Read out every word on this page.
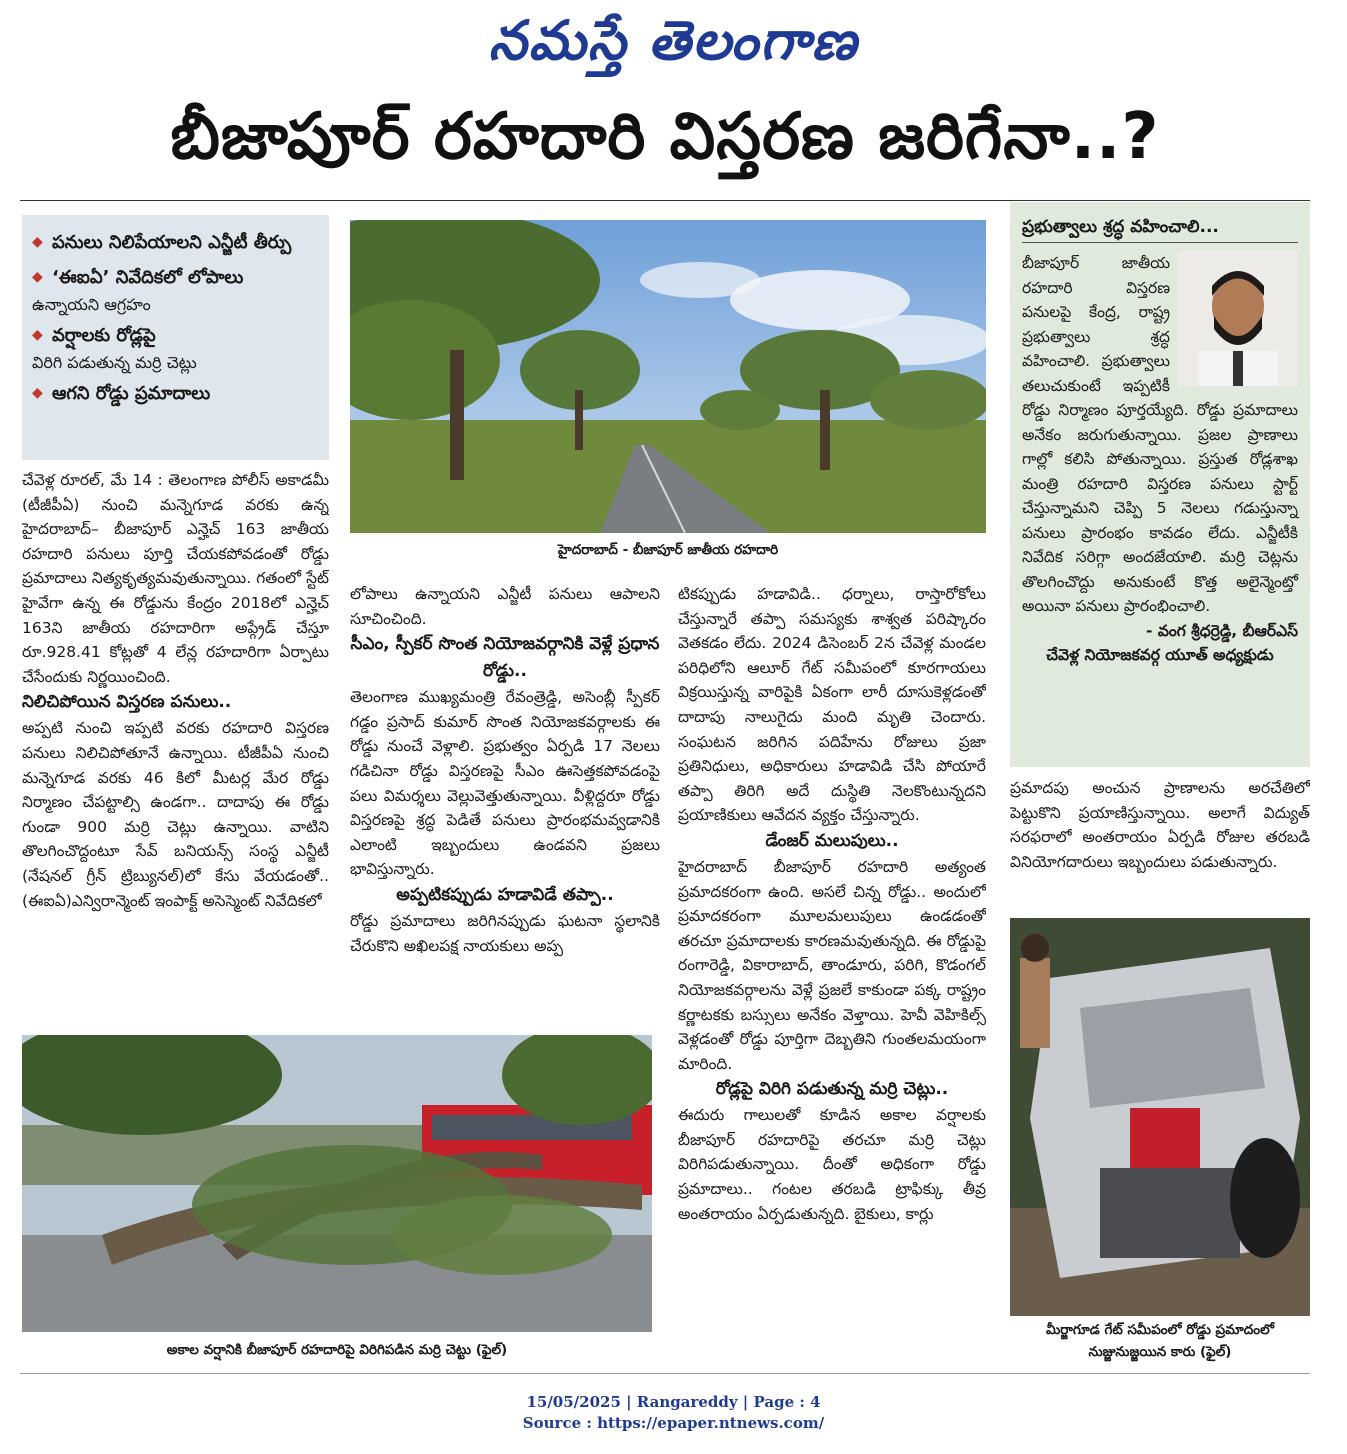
నమస్తే తెలంగాణ
బీజాపూర్ రహదారి విస్తరణ జరిగేనా..?
◆ పనులు నిలిపేయాలని ఎన్జీటీ తీర్పు
◆ ‘ఈఐఏ’ నివేదికలో లోపాలు
ఉన్నాయని ఆగ్రహం
◆ వర్షాలకు రోడ్లపై
విరిగి పడుతున్న మర్రి చెట్లు
◆ ఆగని రోడ్డు ప్రమాదాలు

చేవెళ్ల రూరల్, మే 14 : తెలంగాణ పోలీస్ అకాడమీ (టీజీపీఏ) నుంచి మన్నెగూడ వరకు ఉన్న హైదరాబాద్– బీజాపూర్ ఎన్హెచ్ 163 జాతీయ రహదారి పనులు పూర్తి చేయకపోవడంతో రోడ్డు ప్రమాదాలు నిత్యకృత్యమవుతున్నాయి. గతంలో స్టేట్ హైవేగా ఉన్న ఈ రోడ్డును కేంద్రం 2018లో ఎన్హెచ్ 163ని జాతీయ రహదారిగా అప్గ్రేడ్ చేస్తూ రూ.928.41 కోట్లతో 4 లేన్ల రహదారిగా ఏర్పాటు చేసేందుకు నిర్ణయించింది.

నిలిచిపోయిన విస్తరణ పనులు..

అప్పటి నుంచి ఇప్పటి వరకు రహదారి విస్తరణ పనులు నిలిచిపోతూనే ఉన్నాయి. టీజీపీఏ నుంచి మన్నెగూడ వరకు 46 కిలో మీటర్ల మేర రోడ్డు నిర్మాణం చేపట్టాల్సి ఉండగా.. దాదాపు ఈ రోడ్డు గుండా 900 మర్రి చెట్లు ఉన్నాయి. వాటిని తొలగించొద్దంటూ సేవ్ బనియన్స్ సంస్థ ఎన్జీటీ (నేషనల్ గ్రీన్ ట్రిబ్యునల్)లో కేసు వేయడంతో..(ఈఐఏ)ఎన్విరాన్మెంట్ ఇంపాక్ట్ అసెస్మెంట్ నివేదికలో

హైదరాబాద్ - బీజాపూర్ జాతీయ రహదారి

లోపాలు ఉన్నాయని ఎన్జీటీ పనులు ఆపాలని సూచించింది.

సీఎం, స్పీకర్ సొంత నియోజవర్గానికి వెళ్లే ప్రధాన రోడ్డు..

తెలంగాణ ముఖ్యమంత్రి రేవంత్రెడ్డి, అసెంబ్లీ స్పీకర్ గడ్డం ప్రసాద్ కుమార్ సొంత నియోజకవర్గాలకు ఈ రోడ్డు నుంచే వెళ్లాలి. ప్రభుత్వం ఏర్పడి 17 నెలలు గడిచినా రోడ్డు విస్తరణపై సీఎం ఊసెత్తకపోవడంపై పలు విమర్శలు వెల్లువెత్తుతున్నాయి. వీళ్లిద్దరూ రోడ్డు విస్తరణపై శ్రద్ధ పెడితే పనులు ప్రారంభమవ్వడానికి ఎలాంటి ఇబ్బందులు ఉండవని ప్రజలు భావిస్తున్నారు.

అప్పటికప్పుడు హడావిడే తప్పా..

రోడ్డు ప్రమాదాలు జరిగినప్పుడు ఘటనా స్థలానికి చేరుకొని అఖిలపక్ష నాయకులు అప్ప

టికప్పుడు హడావిడి.. ధర్నాలు, రాస్తారోకోలు చేస్తున్నారే తప్పా సమస్యకు శాశ్వత పరిష్కారం వెతకడం లేదు. 2024 డిసెంబర్ 2న చేవెళ్ల మండల పరిధిలోని ఆలూర్ గేట్ సమీపంలో కూరగాయలు విక్రయిస్తున్న వారిపైకి ఏకంగా లారీ దూసుకెళ్లడంతో దాదాపు నాలుగైదు మంది మృతి చెందారు. సంఘటన జరిగిన పదిహేను రోజులు ప్రజా ప్రతినిధులు, అధికారులు హడావిడి చేసి పోయారే తప్పా తిరిగి అదే దుస్థితి నెలకొంటున్నదని ప్రయాణికులు ఆవేదన వ్యక్తం చేస్తున్నారు.

డేంజర్ మలుపులు..

హైదరాబాద్ బీజాపూర్ రహదారి అత్యంత ప్రమాదకరంగా ఉంది. అసలే చిన్న రోడ్డు.. అందులో ప్రమాదకరంగా మూలమలుపులు ఉండడంతో తరచూ ప్రమాదాలకు కారణమవుతున్నది. ఈ రోడ్డుపై రంగారెడ్డి, వికారాబాద్, తాండూరు, పరిగి, కొడంగల్ నియోజకవర్గాలను వెళ్లే ప్రజలే కాకుండా పక్క రాష్ట్రం కర్ణాటకకు బస్సులు అనేకం వెళ్తాయి. హెవీ వెహికిల్స్ వెళ్లడంతో రోడ్డు పూర్తిగా దెబ్బతిని గుంతలమయంగా మారింది.

రోడ్లపై విరిగి పడుతున్న మర్రి చెట్లు..

ఈదురు గాలులతో కూడిన అకాల వర్షాలకు బీజాపూర్ రహదారిపై తరచూ మర్రి చెట్లు విరిగిపడుతున్నాయి. దీంతో అధికంగా రోడ్డు ప్రమాదాలు.. గంటల తరబడి ట్రాఫిక్కు తీవ్ర అంతరాయం ఏర్పడుతున్నది. బైకులు, కార్లు

ప్రభుత్వాలు శ్రద్ధ వహించాలి...
బీజాపూర్ జాతీయ రహదారి విస్తరణ పనులపై కేంద్ర, రాష్ట్ర ప్రభుత్వాలు శ్రద్ధ వహించాలి. ప్రభుత్వాలు తలుచుకుంటే ఇప్పటికీ రోడ్డు నిర్మాణం పూర్తయ్యేది. రోడ్డు ప్రమాదాలు అనేకం జరుగుతున్నాయి. ప్రజల ప్రాణాలు గాల్లో కలిసి పోతున్నాయి. ప్రస్తుత రోడ్లశాఖ మంత్రి రహదారి విస్తరణ పనులు స్టార్ట్ చేస్తున్నామని చెప్పి 5 నెలలు గడుస్తున్నా పనులు ప్రారంభం కావడం లేదు. ఎన్జీటీకి నివేదిక సరిగ్గా అందజేయాలి. మర్రి చెట్లను తొలగించొద్దు అనుకుంటే కొత్త అలైన్మెంట్తో అయినా పనులు ప్రారంభించాలి.
- వంగ శ్రీధర్రెడ్డి, బీఆర్ఎస్
చేవెళ్ల నియోజకవర్గ యూత్ అధ్యక్షుడు

ప్రమాదపు అంచున ప్రాణాలను అరచేతిలో పెట్టుకొని ప్రయాణిస్తున్నాయి. అలాగే విద్యుత్ సరఫరాలో అంతరాయం ఏర్పడి రోజుల తరబడి వినియోగదారులు ఇబ్బందులు పడుతున్నారు.

అకాల వర్షానికి బీజాపూర్ రహదారిపై విరిగిపడిన మర్రి చెట్టు (ఫైల్)
మీర్జాగూడ గేట్ సమీపంలో రోడ్డు ప్రమాదంలో
నుజ్జునుజ్జయిన కారు (ఫైల్)
15/05/2025 | Rangareddy | Page : 4
Source : https://epaper.ntnews.com/
